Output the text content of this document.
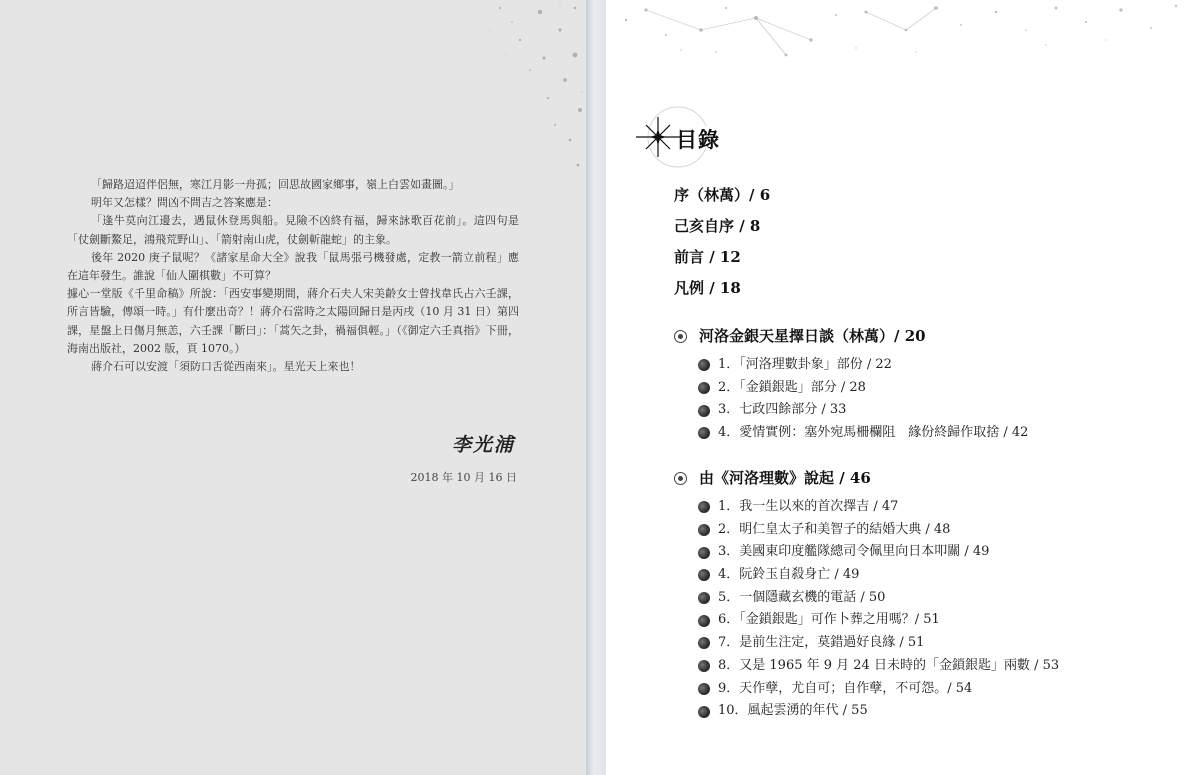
「歸路迢迢伴侶無，寒江月影一舟孤；回思故國家鄉事，嶺上白雲如畫圖。」

明年又怎樣？問凶不問吉之答案應是：

「逢牛莫向江邊去，遇鼠休登馬與船。見險不凶終有福，歸來詠歌百花前」。這四句是「仗劍斷鰲足，鴻飛荒野山」、「箭射南山虎，仗劍斬龍蛇」的主象。

後年 2020 庚子鼠呢？《諸家星命大全》說我「鼠馬張弓機發處，定教一箭立前程」應在這年發生。誰說「仙人圍棋數」不可算？

據心一堂版《千里命稿》所說：「西安事變期間，蔣介石夫人宋美齡女士曾找韋氏占六壬課，所言皆驗，傳頌一時。」有什麼出奇？！蔣介石當時之太陽回歸日是丙戌（10 月 31 日）第四課，星盤上日傷月無恙，六壬課「斷曰」：「蒿矢之卦，禍福俱輕。」（《御定六壬真指》下冊，海南出版社，2002 版，頁 1070。）

蔣介石可以安渡「須防口舌從西南來」。星光天上來也！

李光浦
2018 年 10 月 16 日
目錄
序（林萬）/ 6
己亥自序 / 8
前言 / 12
凡例 / 18
河洛金銀天星擇日談（林萬）/ 20
1．「河洛理數卦象」部份 / 22
2．「金鎖銀匙」部分 / 28
3．七政四餘部分 / 33
4．愛情實例：塞外宛馬柵欄阻　緣份終歸作取捨 / 42
由《河洛理數》說起 / 46
1．我一生以來的首次擇吉 / 47
2．明仁皇太子和美智子的結婚大典 / 48
3．美國東印度艦隊總司令佩里向日本叩關 / 49
4．阮鈴玉自殺身亡 / 49
5．一個隱藏玄機的電話 / 50
6．「金鎖銀匙」可作卜葬之用嗎？/ 51
7．是前生注定，莫錯過好良緣 / 51
8．又是 1965 年 9 月 24 日未時的「金鎖銀匙」兩數 / 53
9．天作孽，尤自可；自作孽，不可怨。/ 54
10．風起雲湧的年代 / 55
